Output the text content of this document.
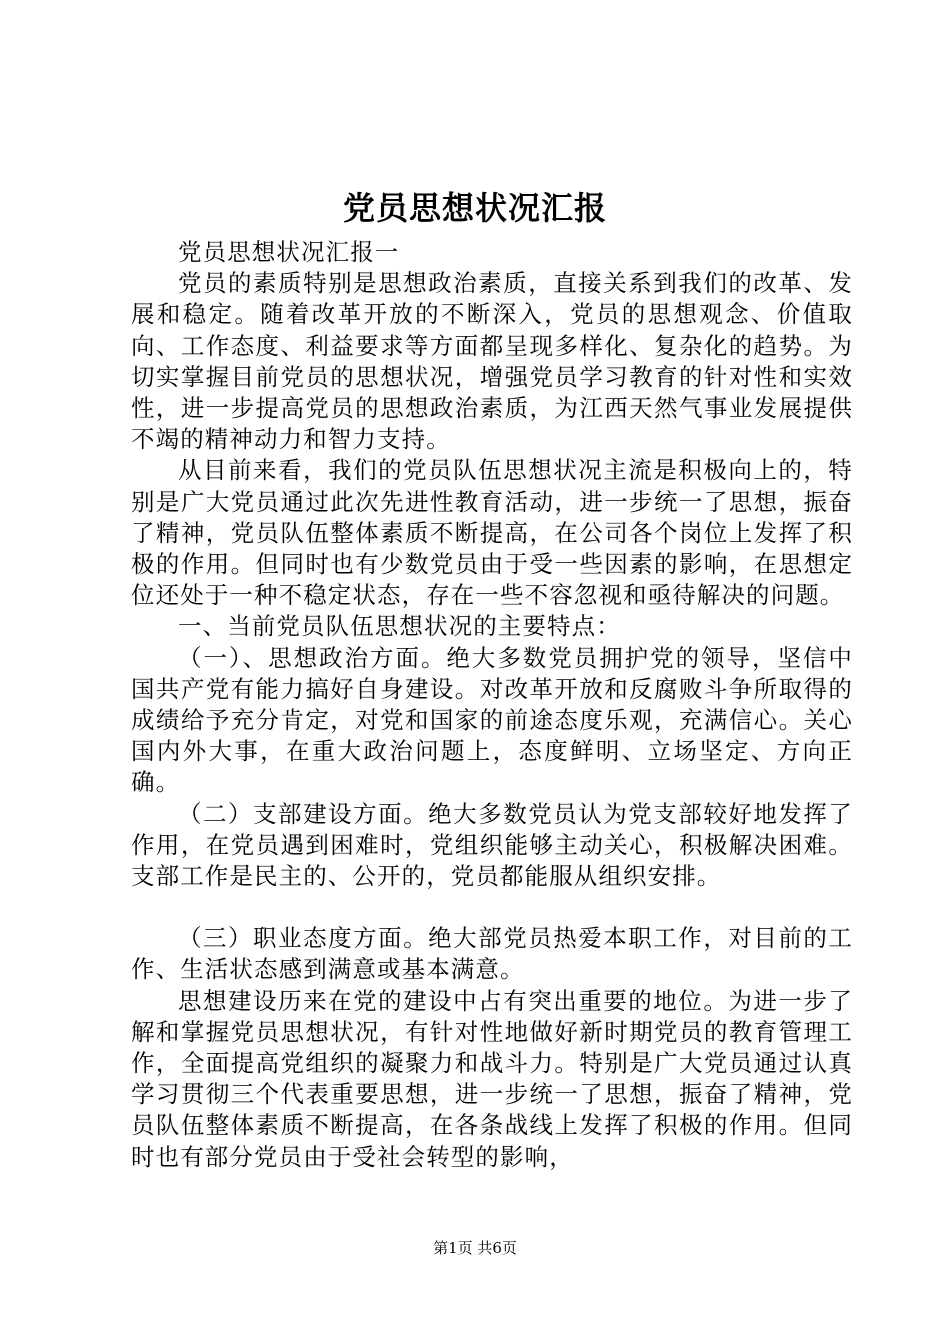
党员思想状况汇报

党员思想状况汇报一

党员的素质特别是思想政治素质，直接关系到我们的改革、发展和稳定。随着改革开放的不断深入，党员的思想观念、价值取向、工作态度、利益要求等方面都呈现多样化、复杂化的趋势。为切实掌握目前党员的思想状况，增强党员学习教育的针对性和实效性，进一步提高党员的思想政治素质，为江西天然气事业发展提供不竭的精神动力和智力支持。

从目前来看，我们的党员队伍思想状况主流是积极向上的，特别是广大党员通过此次先进性教育活动，进一步统一了思想，振奋了精神，党员队伍整体素质不断提高，在公司各个岗位上发挥了积极的作用。但同时也有少数党员由于受一些因素的影响，在思想定位还处于一种不稳定状态，存在一些不容忽视和亟待解决的问题。

一、当前党员队伍思想状况的主要特点：

（一）、思想政治方面。绝大多数党员拥护党的领导，坚信中国共产党有能力搞好自身建设。对改革开放和反腐败斗争所取得的成绩给予充分肯定，对党和国家的前途态度乐观，充满信心。关心国内外大事，在重大政治问题上，态度鲜明、立场坚定、方向正确。

（二）支部建设方面。绝大多数党员认为党支部较好地发挥了作用，在党员遇到困难时，党组织能够主动关心，积极解决困难。支部工作是民主的、公开的，党员都能服从组织安排。

（三）职业态度方面。绝大部党员热爱本职工作，对目前的工作、生活状态感到满意或基本满意。

思想建设历来在党的建设中占有突出重要的地位。为进一步了解和掌握党员思想状况，有针对性地做好新时期党员的教育管理工作，全面提高党组织的凝聚力和战斗力。特别是广大党员通过认真学习贯彻三个代表重要思想，进一步统一了思想，振奋了精神，党员队伍整体素质不断提高，在各条战线上发挥了积极的作用。但同时也有部分党员由于受社会转型的影响，

第1页 共6页
